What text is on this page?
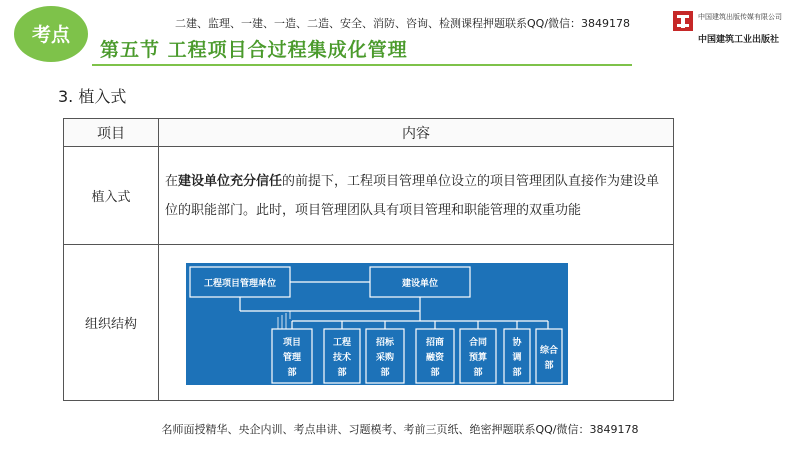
考点
二建、监理、一建、一造、二造、安全、消防、咨询、检测课程押题联系QQ/微信：3849178
第五节 工程项目合过程集成化管理
中国建筑出版传媒有限公司
中国建筑工业出版社
3. 植入式
项目	内容
植入式	在建设单位充分信任的前提下，工程项目管理单位设立的项目管理团队直接作为建设单位的职能部门。此时，项目管理团队具有项目管理和职能管理的双重功能

组织结构	
工程项目管理单位	建设单位
项目
管理
部
工程
技术
部
招标
采购
部
招商
融资
部
合同
预算
部
协
调
部
综合
部
名师面授精华、央企内训、考点串讲、习题模考、考前三页纸、绝密押题联系QQ/微信：3849178
